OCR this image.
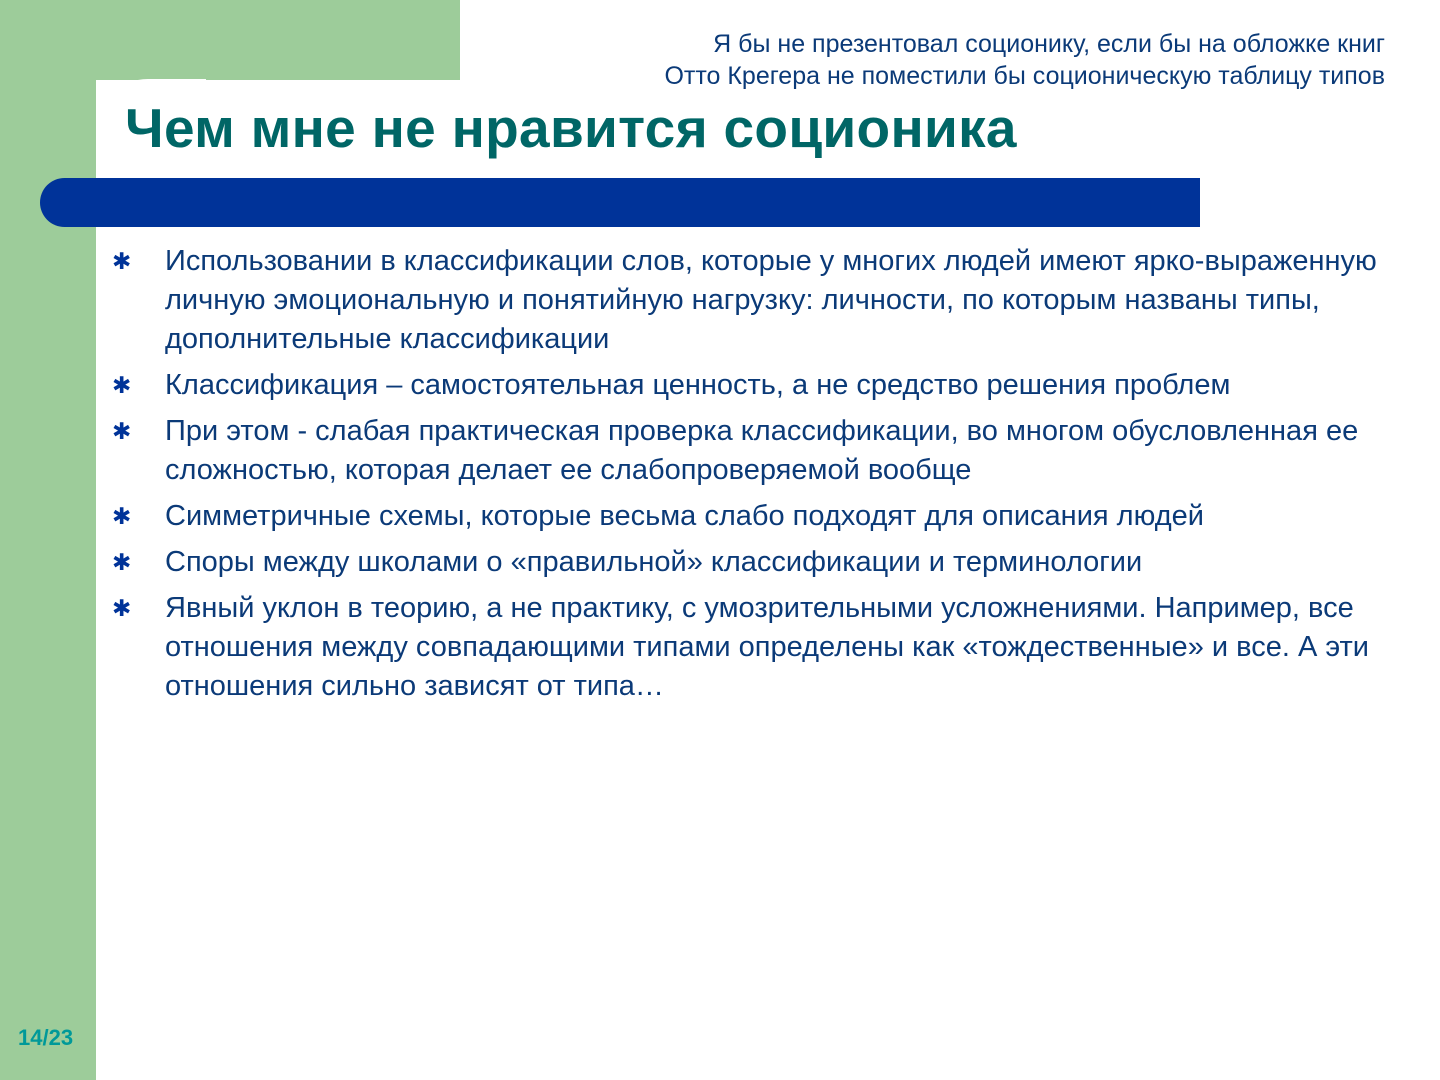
Я бы не презентовал соционику, если бы на обложке книг
Отто Крегера не поместили бы соционическую таблицу типов
Чем мне не нравится соционика
✱	Использовании в классификации слов, которые у многих людей имеют ярко-выраженную личную эмоциональную и понятийную нагрузку: личности, по которым названы типы, дополнительные классификации
✱	Классификация – самостоятельная ценность, а не средство решения проблем
✱	При этом - слабая практическая проверка классификации, во многом обусловленная ее сложностью, которая делает ее слабопроверяемой вообще
✱	Симметричные схемы, которые весьма слабо подходят для описания людей
✱	Споры между школами о «правильной» классификации и терминологии
✱	Явный уклон в теорию, а не практику, с умозрительными усложнениями. Например, все отношения между совпадающими типами определены как «тождественные» и все. А эти отношения сильно зависят от типа…
14/23
